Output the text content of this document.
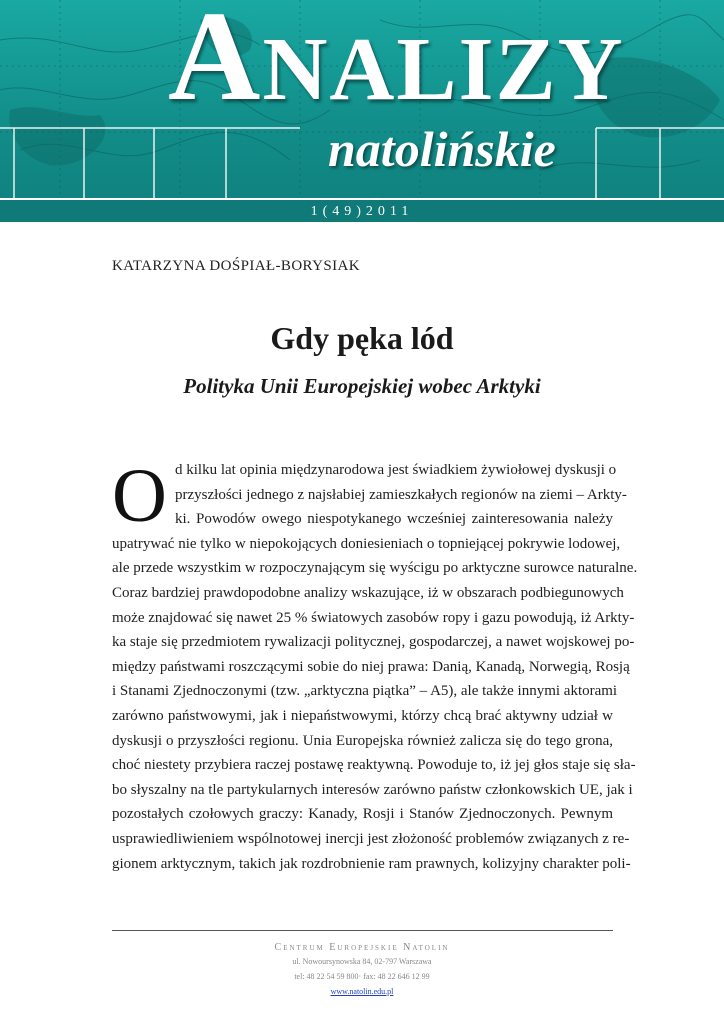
Analizy
natolińskie
1(49)2011

KATARZYNA DOŚPIAŁ-BORYSIAK

Gdy pęka lód
Polityka Unii Europejskiej wobec Arktyki
O d kilku lat opinia międzynarodowa jest świadkiem żywiołowej dyskusji o
przyszłości jednego z najsłabiej zamieszkałych regionów na ziemi – Arkty-
ki. Powodów owego niespotykanego wcześniej zainteresowania należy
upatrywać nie tylko w niepokojących doniesieniach o topniejącej pokrywie lodowej,
ale przede wszystkim w rozpoczynającym się wyścigu po arktyczne surowce naturalne.
Coraz bardziej prawdopodobne analizy wskazujące, iż w obszarach podbiegunowych
może znajdować się nawet 25 % światowych zasobów ropy i gazu powodują, iż Arkty-
ka staje się przedmiotem rywalizacji politycznej, gospodarczej, a nawet wojskowej po-
między państwami roszczącymi sobie do niej prawa: Danią, Kanadą, Norwegią, Rosją
i Stanami Zjednoczonymi (tzw. „arktyczna piątka” – A5), ale także innymi aktorami
zarówno państwowymi, jak i niepaństwowymi, którzy chcą brać aktywny udział w
dyskusji o przyszłości regionu. Unia Europejska również zalicza się do tego grona,
choć niestety przybiera raczej postawę reaktywną. Powoduje to, iż jej głos staje się sła-
bo słyszalny na tle partykularnych interesów zarówno państw członkowskich UE, jak i
pozostałych czołowych graczy: Kanady, Rosji i Stanów Zjednoczonych. Pewnym
usprawiedliwieniem wspólnotowej inercji jest złożoność problemów związanych z re-
gionem arktycznym, takich jak rozdrobnienie ram prawnych, kolizyjny charakter poli-
Centrum Europejskie Natolin
ul. Nowoursynowska 84, 02-797 Warszawa
tel: 48 22 54 59 800· fax: 48 22 646 12 99
www.natolin.edu.pl
